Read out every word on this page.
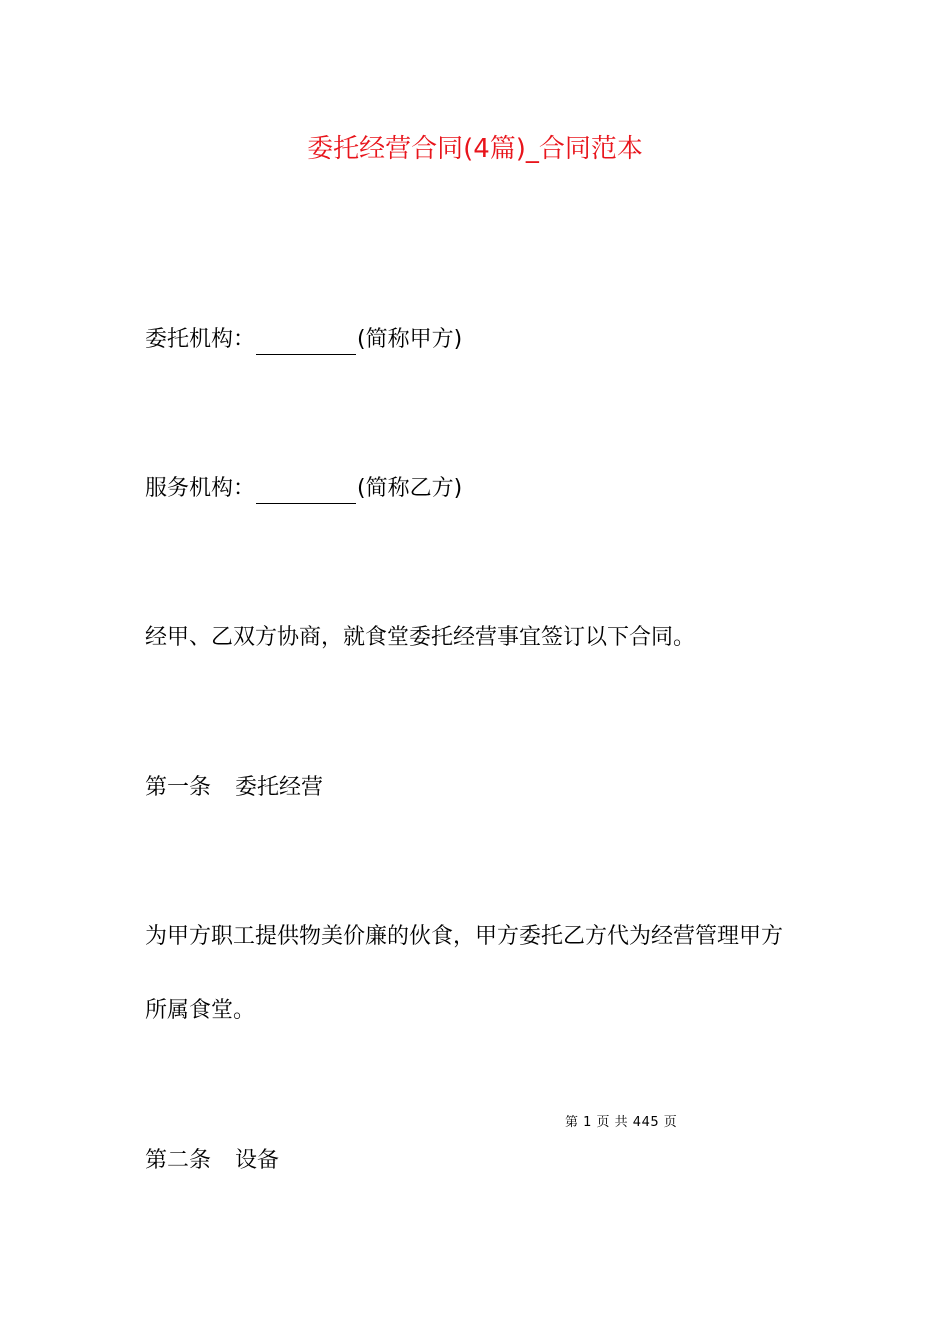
委托经营合同(4篇)_合同范本
委托机构：	(简称甲方)
服务机构：	(简称乙方)
经甲、乙双方协商，就食堂委托经营事宜签订以下合同。
第一条 委托经营
为甲方职工提供物美价廉的伙食，甲方委托乙方代为经营管理甲方
所属食堂。
第 1 页 共 445 页
第二条 设备
